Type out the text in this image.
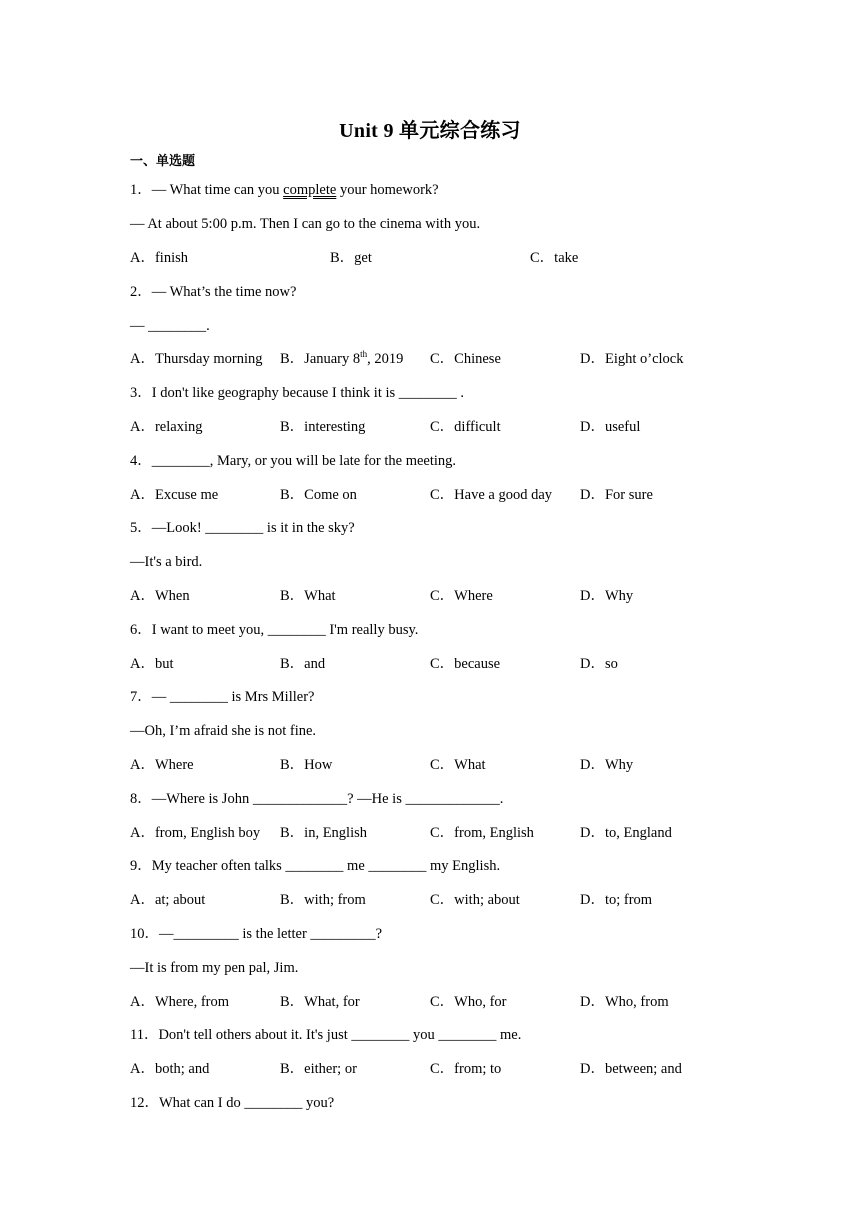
Unit 9 单元综合练习
一、单选题
1．— What time can you complete your homework?
— At about 5:00 p.m. Then I can go to the cinema with you.
A．finish	B．get	C．take
2．— What’s the time now?
— ________.
A．Thursday morning B．January 8th, 2019 C．Chinese	D．Eight o’clock
3．I don't like geography because I think it is ________ .
A．relaxing	B．interesting	C．difficult	D．useful
4．________, Mary, or you will be late for the meeting.
A．Excuse me	B．Come on	C．Have a good day D．For sure
5．—Look! ________ is it in the sky?
—It's a bird.
A．When	B．What	C．Where	D．Why
6．I want to meet you, ________ I'm really busy.
A．but	B．and	C．because	D．so
7．— ________ is Mrs Miller?
—Oh, I’m afraid she is not fine.
A．Where	B．How	C．What	D．Why
8．—Where is John _____________? —He is _____________.
A．from, English boy B．in, English	C．from, English	D．to, England
9．My teacher often talks ________ me ________ my English.
A．at; about	B．with; from	C．with; about	D．to; from
10．—_________ is the letter _________?
—It is from my pen pal, Jim.
A．Where, from	B．What, for	C．Who, for	D．Who, from
11．Don't tell others about it. It's just ________ you ________ me.
A．both; and	B．either; or	C．from; to	D．between; and
12．What can I do ________ you?
